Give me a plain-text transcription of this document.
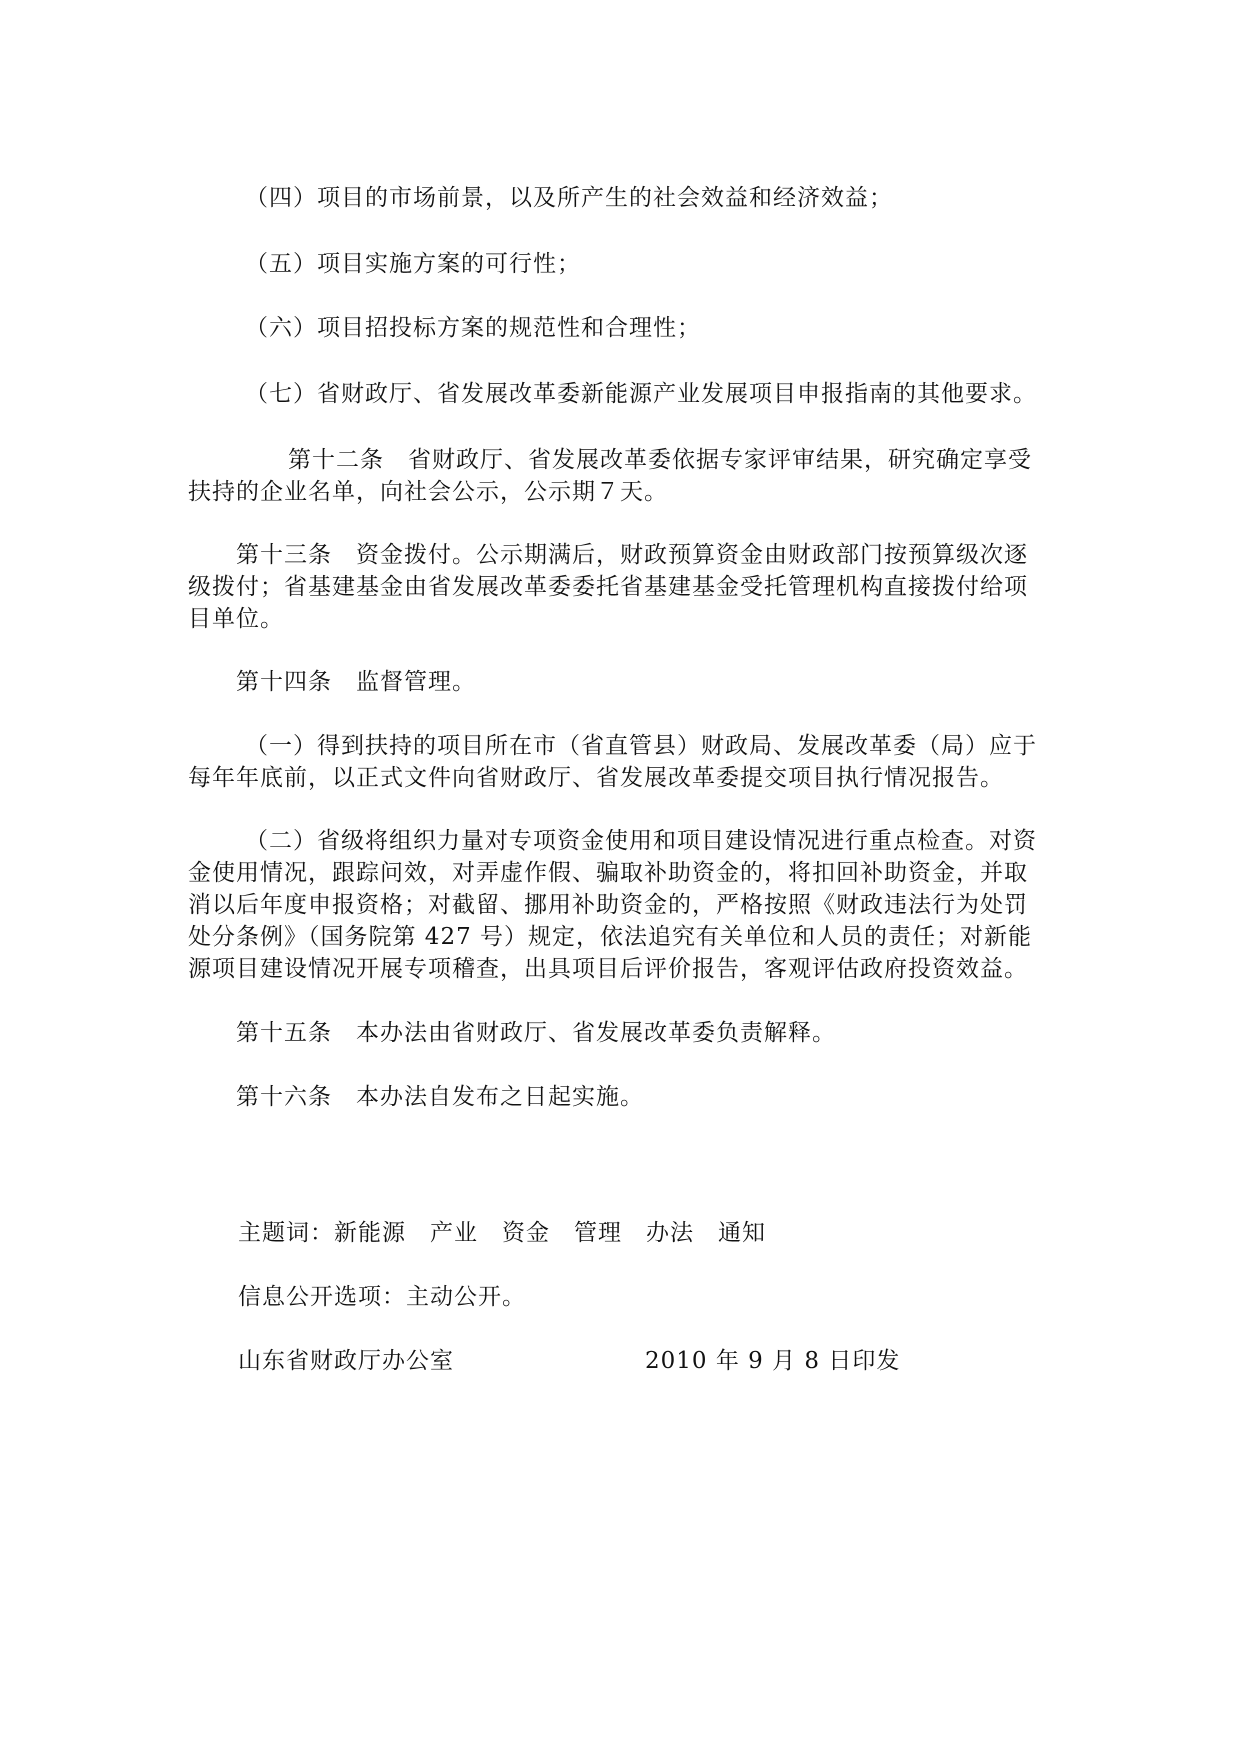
（四）项目的市场前景，以及所产生的社会效益和经济效益；
（五）项目实施方案的可行性；
（六）项目招投标方案的规范性和合理性；
（七）省财政厅、省发展改革委新能源产业发展项目申报指南的其他要求。
第十二条　省财政厅、省发展改革委依据专家评审结果，研究确定享受
扶持的企业名单，向社会公示，公示期７天。
第十三条　资金拨付。公示期满后，财政预算资金由财政部门按预算级次逐
级拨付；省基建基金由省发展改革委委托省基建基金受托管理机构直接拨付给项
目单位。
第十四条　监督管理。
（一）得到扶持的项目所在市（省直管县）财政局、发展改革委（局）应于
每年年底前，以正式文件向省财政厅、省发展改革委提交项目执行情况报告。
（二）省级将组织力量对专项资金使用和项目建设情况进行重点检查。对资
金使用情况，跟踪问效，对弄虚作假、骗取补助资金的，将扣回补助资金，并取
消以后年度申报资格；对截留、挪用补助资金的，严格按照《财政违法行为处罚
处分条例》（国务院第 427 号）规定，依法追究有关单位和人员的责任；对新能
源项目建设情况开展专项稽查，出具项目后评价报告，客观评估政府投资效益。
第十五条　本办法由省财政厅、省发展改革委负责解释。
第十六条　本办法自发布之日起实施。
主题词：新能源　产业　资金　管理　办法　通知
信息公开选项：主动公开。
山东省财政厅办公室	2010 年 9 月 8 日印发
